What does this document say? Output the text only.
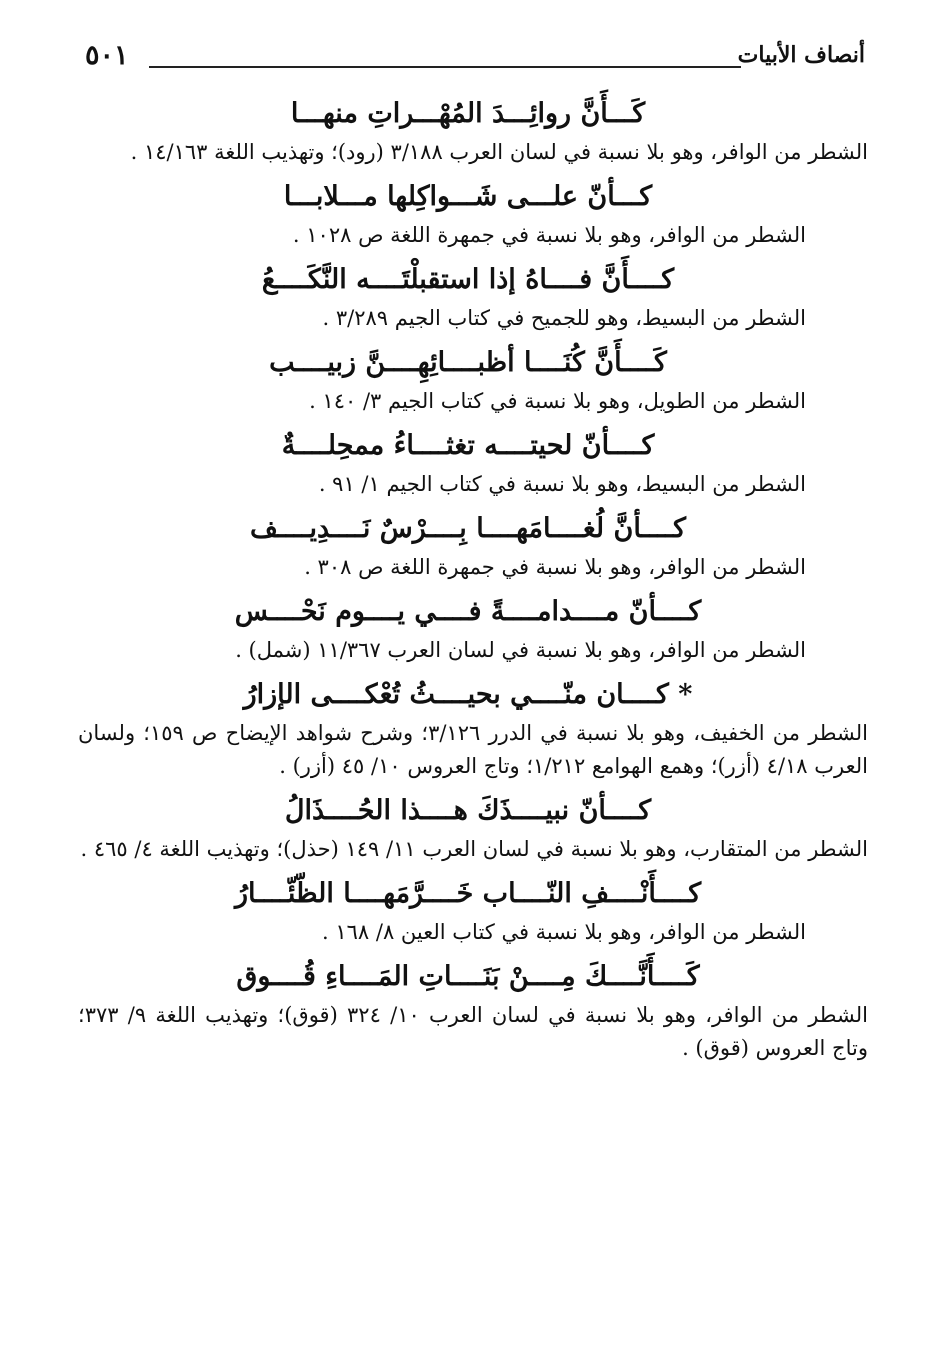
٥٠١	أنصاف الأبيات
كَـــأَنَّ روائِـــدَ المُهْـــراتِ منهـــا
الشطر من الوافر، وهو بلا نسبة في لسان العرب ٣/١٨٨ (رود)؛ وتهذيب اللغة ١٤/١٦٣ .
كـــأنّ علـــى شَـــواكِلها مـــلابـــا
الشطر من الوافر، وهو بلا نسبة في جمهرة اللغة ص ١٠٢٨ .
كــــأَنَّ فــــاهُ إذا استقبلْتَــــه النَّكَــــعُ
الشطر من البسيط، وهو للجميح في كتاب الجيم ٣/٢٨٩ .
كَــــأَنَّ كُنَــــا أظبــــائِهِــــنَّ زبيــــب
الشطر من الطويل، وهو بلا نسبة في كتاب الجيم ٣/ ١٤٠ .
كــــأنّ لحيتــــه تغثــــاءُ ممحِلــــةٌ
الشطر من البسيط، وهو بلا نسبة في كتاب الجيم ١/ ٩١ .
كــــأنَّ لُغــــامَهــــا بِــــرْسٌ نَــــدِيــــف
الشطر من الوافر، وهو بلا نسبة في جمهرة اللغة ص ٣٠٨ .
كــــأنّ مــــدامــــةً فــــي يــــوم نَحْــــس
الشطر من الوافر، وهو بلا نسبة في لسان العرب ١١/٣٦٧ (شمل) .
* كــــان منّــــي بحيــــثُ تُعْكــــى الإزارُ
الشطر من الخفيف، وهو بلا نسبة في الدرر ٣/١٢٦؛ وشرح شواهد الإيضاح ص ١٥٩؛ ولسان العرب ٤/١٨ (أزر)؛ وهمع الهوامع ١/٢١٢؛ وتاج العروس ١٠/ ٤٥ (أزر) .
كــــأنّ نبيــــذَكَ هــــذا الحُــــذَالُ
الشطر من المتقارب، وهو بلا نسبة في لسان العرب ١١/ ١٤٩ (حذل)؛ وتهذيب اللغة ٤/ ٤٦٥ .
كــــأَنْــــفِ النّــــاب خَــــرَّمَهــــا الظّئّــــارُ
الشطر من الوافر، وهو بلا نسبة في كتاب العين ٨/ ١٦٨ .
كَــــأَنَّــــكَ مِــــنْ بَنَــــاتِ المَــــاءِ قُــــوق
الشطر من الوافر، وهو بلا نسبة في لسان العرب ١٠/ ٣٢٤ (قوق)؛ وتهذيب اللغة ٩/ ٣٧٣؛ وتاج العروس (قوق) .
